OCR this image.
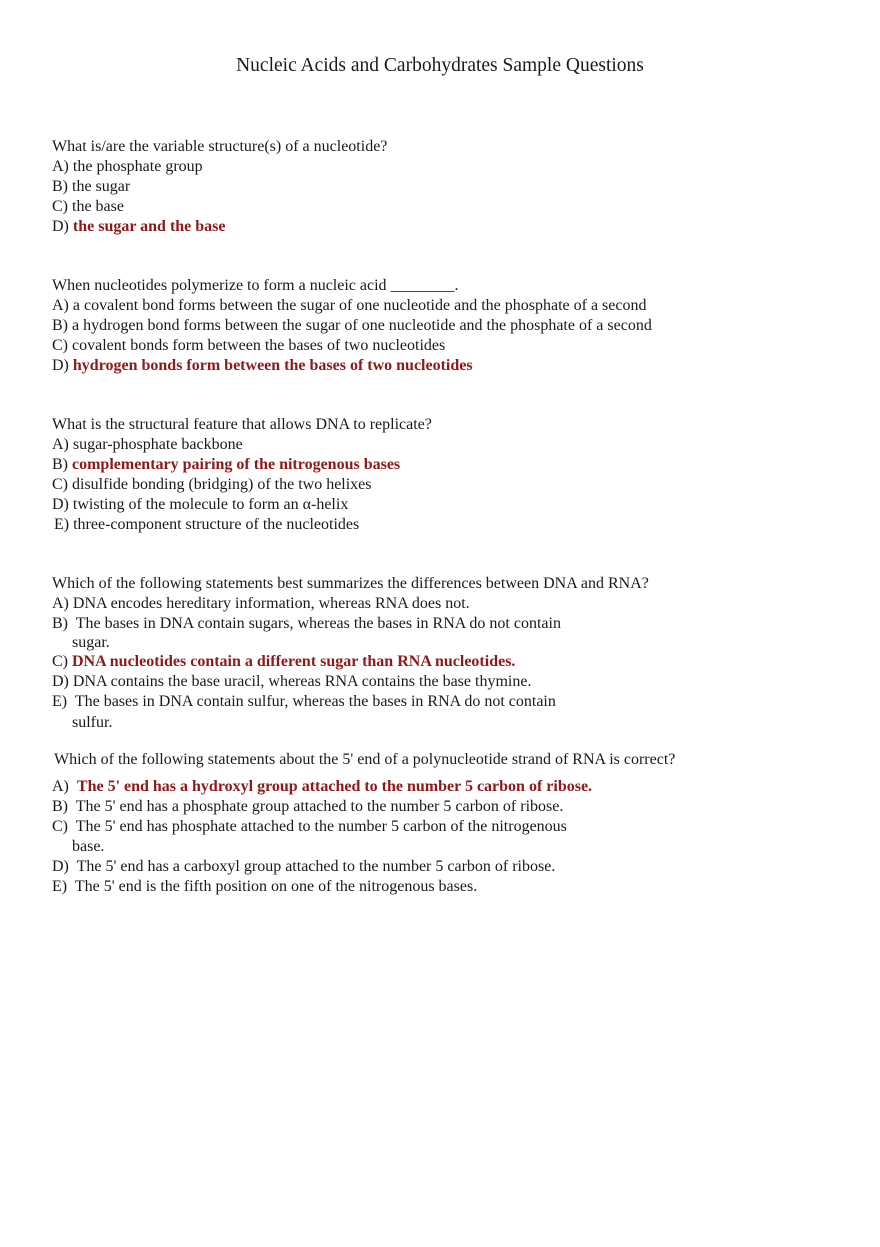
Nucleic Acids and Carbohydrates Sample Questions
What is/are the variable structure(s) of a nucleotide?
A) the phosphate group
B) the sugar
C) the base
D) the sugar and the base
When nucleotides polymerize to form a nucleic acid ________.
A) a covalent bond forms between the sugar of one nucleotide and the phosphate of a second
B) a hydrogen bond forms between the sugar of one nucleotide and the phosphate of a second
C) covalent bonds form between the bases of two nucleotides
D) hydrogen bonds form between the bases of two nucleotides
What is the structural feature that allows DNA to replicate?
A) sugar-phosphate backbone
B) complementary pairing of the nitrogenous bases
C) disulfide bonding (bridging) of the two helixes
D) twisting of the molecule to form an α-helix
E) three-component structure of the nucleotides
Which of the following statements best summarizes the differences between DNA and RNA?
A) DNA encodes hereditary information, whereas RNA does not.
B) The bases in DNA contain sugars, whereas the bases in RNA do not contain
sugar.
C) DNA nucleotides contain a different sugar than RNA nucleotides.
D) DNA contains the base uracil, whereas RNA contains the base thymine.
E) The bases in DNA contain sulfur, whereas the bases in RNA do not contain
sulfur.
Which of the following statements about the 5' end of a polynucleotide strand of RNA is correct?
A) The 5' end has a hydroxyl group attached to the number 5 carbon of ribose.
B) The 5' end has a phosphate group attached to the number 5 carbon of ribose.
C) The 5' end has phosphate attached to the number 5 carbon of the nitrogenous
base.
D) The 5' end has a carboxyl group attached to the number 5 carbon of ribose.
E) The 5' end is the fifth position on one of the nitrogenous bases.
